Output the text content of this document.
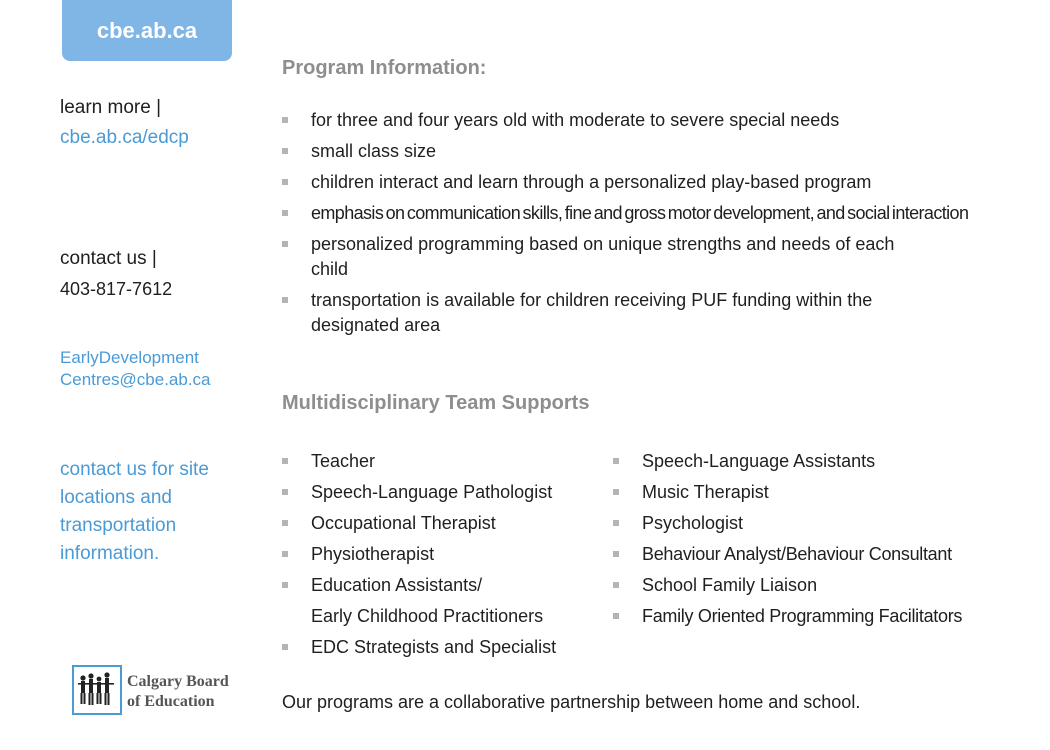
cbe.ab.ca
learn more |
cbe.ab.ca/edcp
contact us |
403-817-7612
EarlyDevelopment
Centres@cbe.ab.ca
contact us for site
locations and
transportation
information.
Program Information:
for three and four years old with moderate to severe special needs
small class size
children interact and learn through a personalized play-based program
emphasis on communication skills, fine and gross motor development, and social interaction
personalized programming based on unique strengths and needs of each child
transportation is available for children receiving PUF funding within the designated area
Multidisciplinary Team Supports
Teacher
Speech-Language Pathologist
Occupational Therapist
Physiotherapist
Education Assistants/
Early Childhood Practitioners
EDC Strategists and Specialist
Speech-Language Assistants
Music Therapist
Psychologist
Behaviour Analyst/Behaviour Consultant
School Family Liaison
Family Oriented Programming Facilitators
Calgary Board
of Education	Our programs are a collaborative partnership between home and school.
